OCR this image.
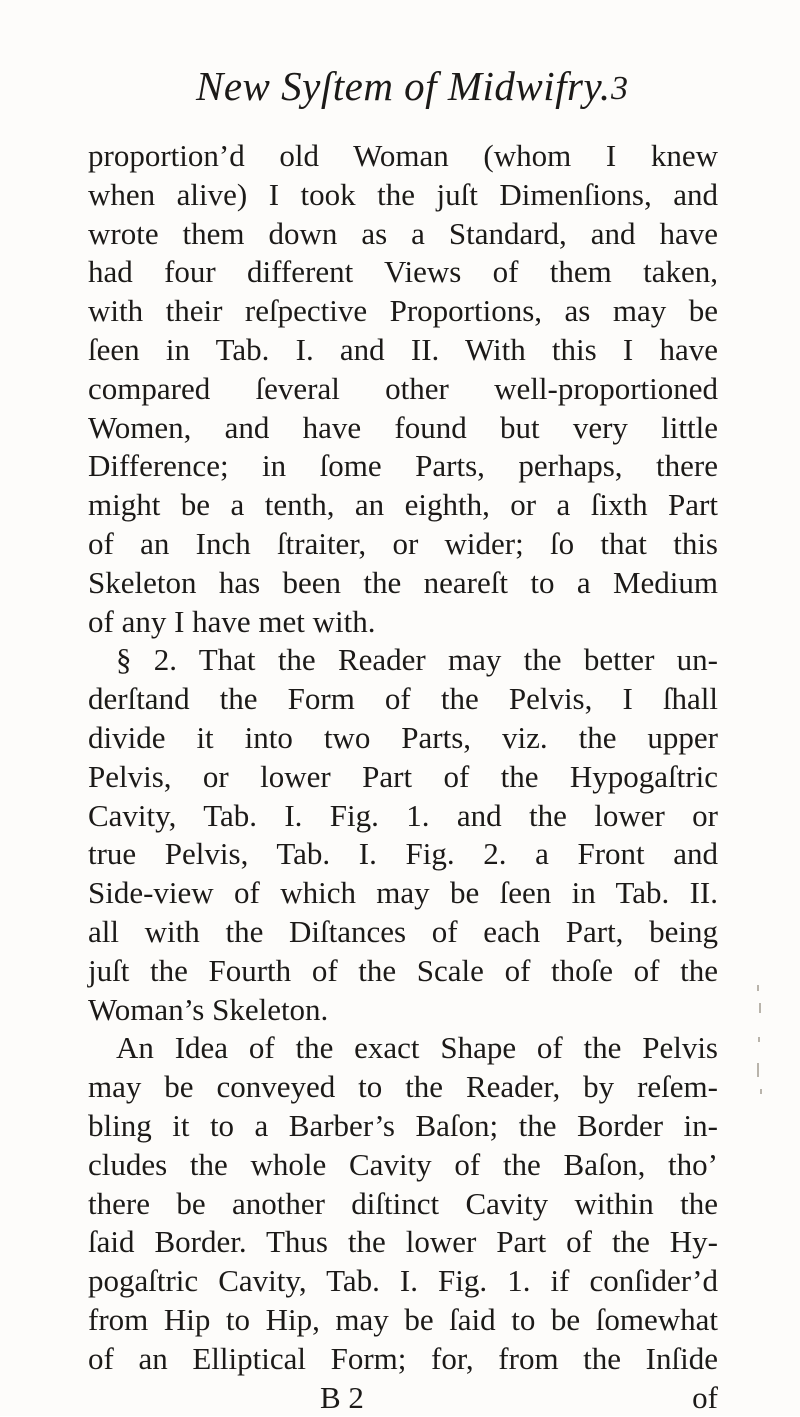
New Syſtem of Midwifry. 3
proportion’d old Woman (whom I knew
when alive) I took the juſt Dimenſions, and
wrote them down as a Standard, and have
had four different Views of them taken,
with their reſpective Proportions, as may be
ſeen in Tab. I. and II. With this I have
compared ſeveral other well-proportioned
Women, and have found but very little
Difference; in ſome Parts, perhaps, there
might be a tenth, an eighth, or a ſixth Part
of an Inch ſtraiter, or wider; ſo that this
Skeleton has been the neareſt to a Medium
of any I have met with.
§ 2. That the Reader may the better un-
derſtand the Form of the Pelvis, I ſhall
divide it into two Parts, viz. the upper
Pelvis, or lower Part of the Hypogaſtric
Cavity, Tab. I. Fig. 1. and the lower or
true Pelvis, Tab. I. Fig. 2. a Front and
Side-view of which may be ſeen in Tab. II.
all with the Diſtances of each Part, being
juſt the Fourth of the Scale of thoſe of the
Woman’s Skeleton.
An Idea of the exact Shape of the Pelvis
may be conveyed to the Reader, by reſem-
bling it to a Barber’s Baſon; the Border in-
cludes the whole Cavity of the Baſon, tho’
there be another diſtinct Cavity within the
ſaid Border. Thus the lower Part of the Hy-
pogaſtric Cavity, Tab. I. Fig. 1. if conſider’d
from Hip to Hip, may be ſaid to be ſomewhat
of an Elliptical Form; for, from the Inſide
B 2	of
